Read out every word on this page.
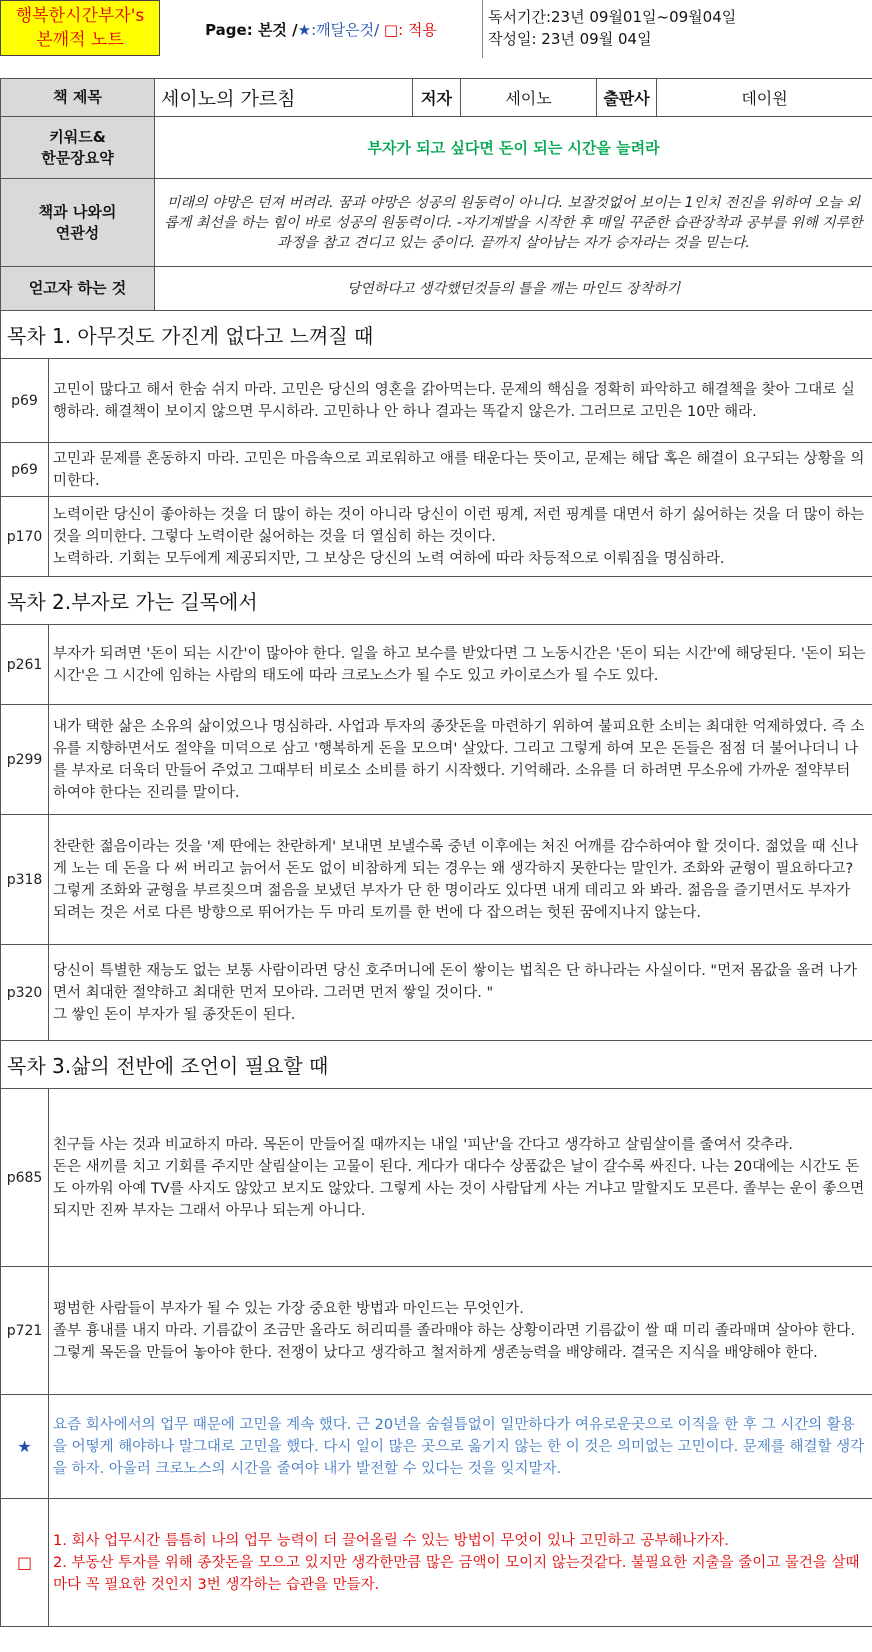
행복한시간부자's
본깨적 노트
Page: 본것 / ★:깨달은것/ □: 적용
독서기간:23년 09월01일~09월04일
작성일: 23년 09월 04일
책 제목		세이노의 가르침	저자	세이노	출판사	데이원

키워드&
한문장요약		부자가 되고 싶다면 돈이 되는 시간을 늘려라				

책과 나와의
연관성		미래의 야망은 던져 버려라. 꿈과 야망은 성공의 원동력이 아니다. 보잘것없어 보이는 1인치 전진을 위하여 오늘 외롭게 최선을 하는 힘이 바로 성공의 원동력이다. -자기계발을 시작한 후 매일 꾸준한 습관장착과 공부를 위해 지루한 과정을 참고 견디고 있는 중이다. 끝까지 살아남는 자가 승자라는 것을 믿는다.				
얻고자 하는 것		당연하다고 생각했던것들의 틀을 깨는 마인드 장착하기				
목차 1. 아무것도 가진게 없다고 느껴질 때						
p69	고민이 많다고 해서 한숨 쉬지 마라. 고민은 당신의 영혼을 갉아먹는다. 문제의 핵심을 정확히 파악하고 해결책을 찾아 그대로 실행하라. 해결책이 보이지 않으면 무시하라. 고민하나 안 하나 결과는 똑같지 않은가. 그러므로 고민은 10만 해라.					
p69	고민과 문제를 혼동하지 마라. 고민은 마음속으로 괴로워하고 애를 태운다는 뜻이고, 문제는 해답 혹은 해결이 요구되는 상황을 의미한다.					
p170	노력이란 당신이 좋아하는 것을 더 많이 하는 것이 아니라 당신이 이런 핑계, 저런 핑계를 대면서 하기 싫어하는 것을 더 많이 하는 것을 의미한다. 그렇다 노력이란 싫어하는 것을 더 열심히 하는 것이다.
노력하라. 기회는 모두에게 제공되지만, 그 보상은 당신의 노력 여하에 따라 차등적으로 이뤄짐을 명심하라.					
목차 2.부자로 가는 길목에서						
p261	부자가 되려면 '돈이 되는 시간'이 많아야 한다. 일을 하고 보수를 받았다면 그 노동시간은 '돈이 되는 시간'에 해당된다. '돈이 되는 시간'은 그 시간에 임하는 사람의 태도에 따라 크로노스가 될 수도 있고 카이로스가 될 수도 있다.					
p299	내가 택한 삶은 소유의 삶이었으나 명심하라. 사업과 투자의 종잣돈을 마련하기 위하여 불피요한 소비는 최대한 억제하였다. 즉 소유를 지향하면서도 절약을 미덕으로 삼고 '행복하게 돈을 모으며' 살았다. 그리고 그렇게 하여 모은 돈들은 점점 더 불어나더니 나를 부자로 더욱더 만들어 주었고 그때부터 비로소 소비를 하기 시작했다. 기억해라. 소유를 더 하려면 무소유에 가까운 절약부터 하여야 한다는 진리를 말이다.					
p318	찬란한 젊음이라는 것을 '제 딴에는 찬란하게' 보내면 보낼수록 중년 이후에는 처진 어깨를 감수하여야 할 것이다. 젊었을 때 신나게 노는 데 돈을 다 써 버리고 늙어서 돈도 없이 비참하게 되는 경우는 왜 생각하지 못한다는 말인가. 조화와 균형이 필요하다고? 그렇게 조화와 균형을 부르짖으며 젊음을 보냈던 부자가 단 한 명이라도 있다면 내게 데리고 와 봐라. 젊음을 즐기면서도 부자가 되려는 것은 서로 다른 방향으로 뛰어가는 두 마리 토끼를 한 번에 다 잡으려는 헛된 꿈에지나지 않는다.					
p320	당신이 특별한 재능도 없는 보통 사람이라면 당신 호주머니에 돈이 쌓이는 법칙은 단 하나라는 사실이다. "먼저 몸값을 올려 나가면서 최대한 절약하고 최대한 먼저 모아라. 그러면 먼저 쌓일 것이다. "
그 쌓인 돈이 부자가 될 종잣돈이 된다.					
목차 3.삶의 전반에 조언이 필요할 때						
p685	친구들 사는 것과 비교하지 마라. 목돈이 만들어질 때까지는 내일 '피난'을 간다고 생각하고 살림살이를 줄여서 갖추라.
돈은 새끼를 치고 기회를 주지만 살림살이는 고물이 된다. 게다가 대다수 상품값은 날이 갈수록 싸진다. 나는 20대에는 시간도 돈도 아까워 아예 TV를 사지도 않았고 보지도 않았다. 그렇게 사는 것이 사람답게 사는 거냐고 말할지도 모른다. 졸부는 운이 좋으면 되지만 진짜 부자는 그래서 아무나 되는게 아니다.					
p721	평범한 사람들이 부자가 될 수 있는 가장 중요한 방법과 마인드는 무엇인가.
졸부 흉내를 내지 마라. 기름값이 조금만 올라도 허리띠를 졸라매야 하는 상황이라면 기름값이 쌀 때 미리 졸라매며 살아야 한다. 그렇게 목돈을 만들어 놓아야 한다. 전쟁이 났다고 생각하고 철저하게 생존능력을 배양해라. 결국은 지식을 배양해야 한다.					
★	요즘 회사에서의 업무 때문에 고민을 계속 했다. 근 20년을 숨쉴틈없이 일만하다가 여유로운곳으로 이직을 한 후 그 시간의 활용을 어떻게 해야하나 말그대로 고민을 했다. 다시 일이 많은 곳으로 옮기지 않는 한 이 것은 의미없는 고민이다. 문제를 해결할 생각을 하자. 아울러 크로노스의 시간을 줄여야 내가 발전할 수 있다는 것을 잊지말자.					
□	1. 회사 업무시간 틈틈히 나의 업무 능력이 더 끌어올릴 수 있는 방법이 무엇이 있나 고민하고 공부해나가자.
2. 부동산 투자를 위해 종잣돈을 모으고 있지만 생각한만큼 많은 금액이 모이지 않는것같다. 불필요한 지출을 줄이고 물건을 살때마다 꼭 필요한 것인지 3번 생각하는 습관을 만들자.					
